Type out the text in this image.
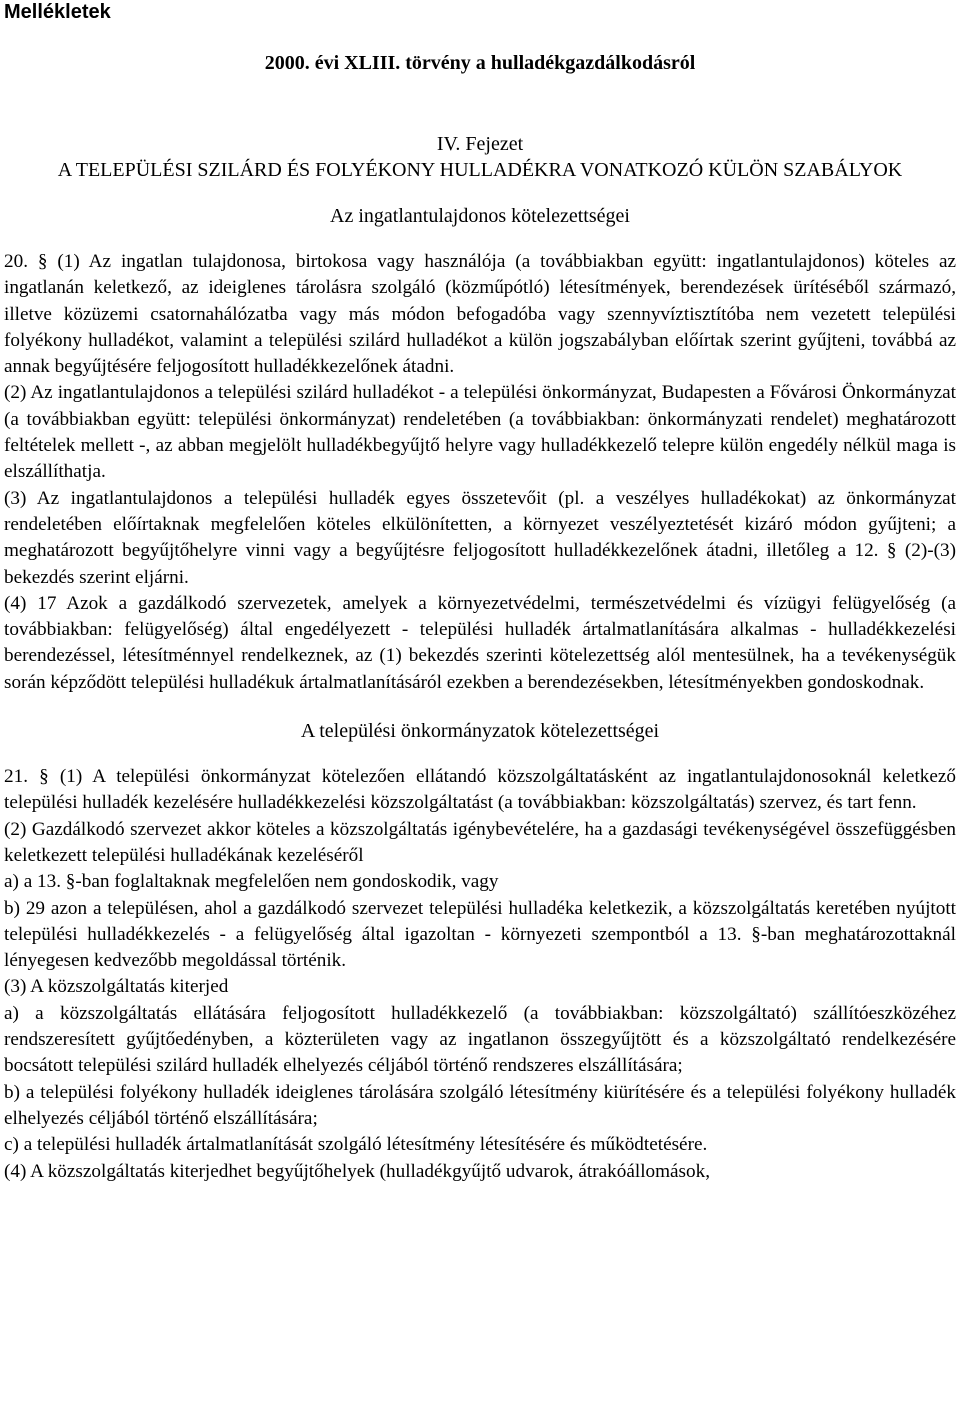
Mellékletek
2000. évi XLIII. törvény a hulladékgazdálkodásról
IV. Fejezet
A TELEPÜLÉSI SZILÁRD ÉS FOLYÉKONY HULLADÉKRA VONATKOZÓ KÜLÖN SZABÁLYOK
Az ingatlantulajdonos kötelezettségei

20. § (1) Az ingatlan tulajdonosa, birtokosa vagy használója (a továbbiakban együtt: ingatlantulajdonos) köteles az ingatlanán keletkező, az ideiglenes tárolásra szolgáló (közműpótló) létesítmények, berendezések ürítéséből származó, illetve közüzemi csatornahálózatba vagy más módon befogadóba vagy szennyvíztisztítóba nem vezetett települési folyékony hulladékot, valamint a települési szilárd hulladékot a külön jogszabályban előírtak szerint gyűjteni, továbbá az annak begyűjtésére feljogosított hulladékkezelőnek átadni.

(2) Az ingatlantulajdonos a települési szilárd hulladékot - a települési önkormányzat, Budapesten a Fővárosi Önkormányzat (a továbbiakban együtt: települési önkormányzat) rendeletében (a továbbiakban: önkormányzati rendelet) meghatározott feltételek mellett -, az abban megjelölt hulladékbegyűjtő helyre vagy hulladékkezelő telepre külön engedély nélkül maga is elszállíthatja.

(3) Az ingatlantulajdonos a települési hulladék egyes összetevőit (pl. a veszélyes hulladékokat) az önkormányzat rendeletében előírtaknak megfelelően köteles elkülönítetten, a környezet veszélyeztetését kizáró módon gyűjteni; a meghatározott begyűjtőhelyre vinni vagy a begyűjtésre feljogosított hulladékkezelőnek átadni, illetőleg a 12. § (2)-(3) bekezdés szerint eljárni.

(4) 17 Azok a gazdálkodó szervezetek, amelyek a környezetvédelmi, természetvédelmi és vízügyi felügyelőség (a továbbiakban: felügyelőség) által engedélyezett - települési hulladék ártalmatlanítására alkalmas - hulladékkezelési berendezéssel, létesítménnyel rendelkeznek, az (1) bekezdés szerinti kötelezettség alól mentesülnek, ha a tevékenységük során képződött települési hulladékuk ártalmatlanításáról ezekben a berendezésekben, létesítményekben gondoskodnak.

A települési önkormányzatok kötelezettségei

21. § (1) A települési önkormányzat kötelezően ellátandó közszolgáltatásként az ingatlantulajdonosoknál keletkező települési hulladék kezelésére hulladékkezelési közszolgáltatást (a továbbiakban: közszolgáltatás) szervez, és tart fenn.

(2) Gazdálkodó szervezet akkor köteles a közszolgáltatás igénybevételére, ha a gazdasági tevékenységével összefüggésben keletkezett települési hulladékának kezeléséről

a) a 13. §-ban foglaltaknak megfelelően nem gondoskodik, vagy

b) 29 azon a településen, ahol a gazdálkodó szervezet települési hulladéka keletkezik, a közszolgáltatás keretében nyújtott települési hulladékkezelés - a felügyelőség által igazoltan - környezeti szempontból a 13. §-ban meghatározottaknál lényegesen kedvezőbb megoldással történik.

(3) A közszolgáltatás kiterjed

a) a közszolgáltatás ellátására feljogosított hulladékkezelő (a továbbiakban: közszolgáltató) szállítóeszközéhez rendszeresített gyűjtőedényben, a közterületen vagy az ingatlanon összegyűjtött és a közszolgáltató rendelkezésére bocsátott települési szilárd hulladék elhelyezés céljából történő rendszeres elszállítására;

b) a települési folyékony hulladék ideiglenes tárolására szolgáló létesítmény kiürítésére és a települési folyékony hulladék elhelyezés céljából történő elszállítására;

c) a települési hulladék ártalmatlanítását szolgáló létesítmény létesítésére és működtetésére.

(4) A közszolgáltatás kiterjedhet begyűjtőhelyek (hulladékgyűjtő udvarok, átrakóállomások,
